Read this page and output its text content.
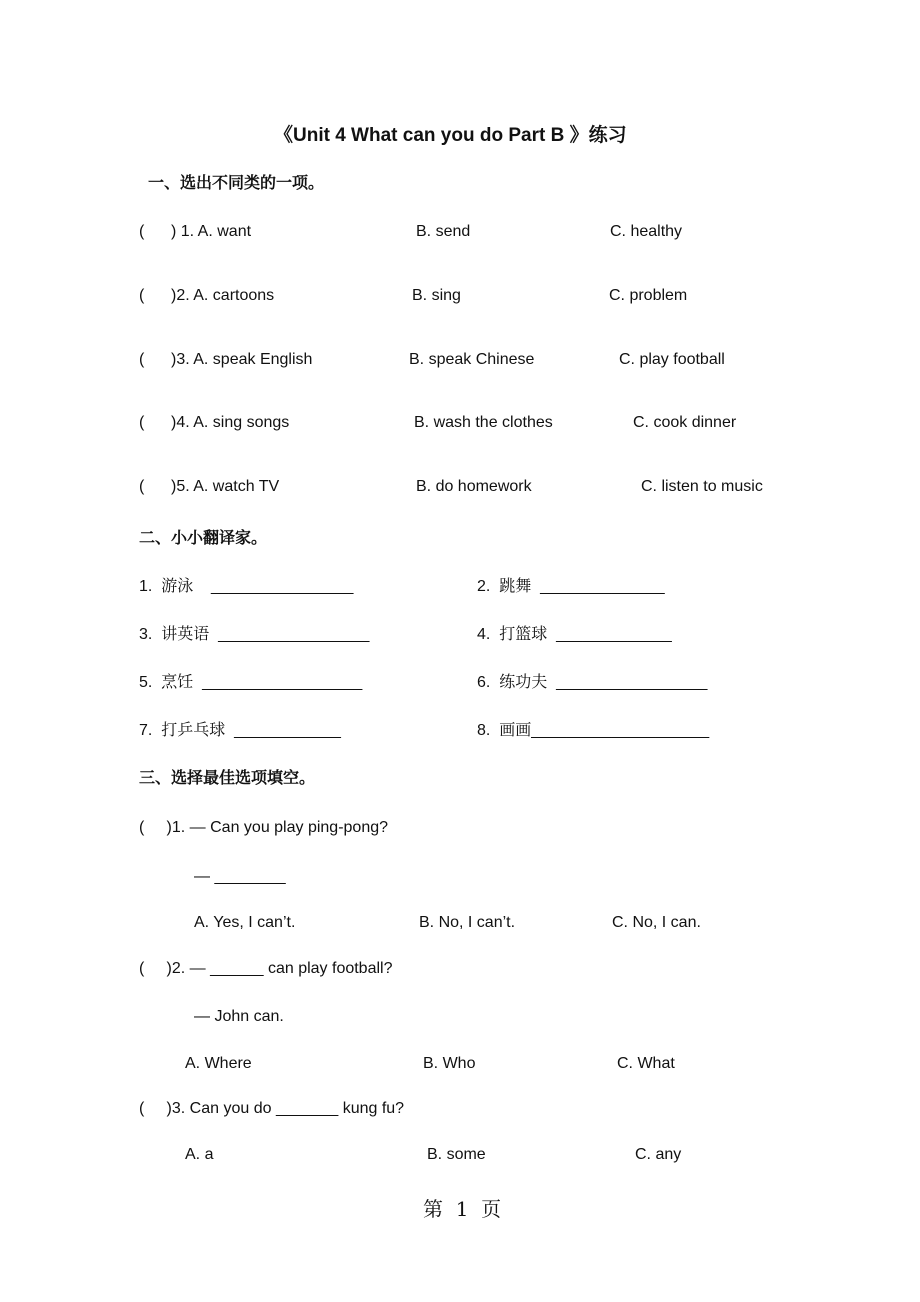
《Unit 4 What can you do Part B 》练习
一、选出不同类的一项。
(      ) 1. A. want	B. send	C. healthy
(      )2. A. cartoons	B. sing	C. problem
(      )3. A. speak English	B. speak Chinese	C. play football
(      )4. A. sing songs	B. wash the clothes	C. cook dinner
(      )5. A. watch TV	B. do homework	C. listen to music
二、小小翻译家。
1.  游泳    ________________	2.  跳舞  ______________
3.  讲英语  _________________	4.  打篮球  _____________
5.  烹饪  __________________	6.  练功夫  _________________
7.  打乒乓球  ____________	8.  画画____________________
三、选择最佳选项填空。
(     )1. — Can you play ping-pong?
— ________
A. Yes, I can’t.	B. No, I can’t.	C. No, I can.
(     )2. — ______ can play football?
— John can.
A. Where	B. Who	C. What
(     )3. Can you do _______ kung fu?
A. a	B. some	C. any
第  1  页
